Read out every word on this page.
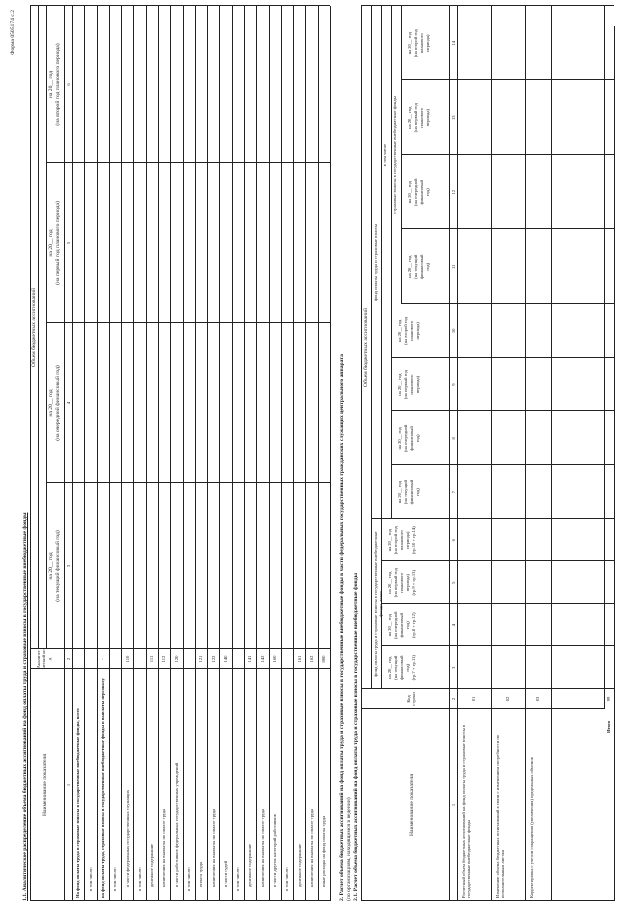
Форма 0505174 с.2
1.1. Аналитическое распределение объема бюджетных ассигнований на фонд оплаты труда и страховые взносы в государственные внебюджетные фонды	Наименование показателя
Аналити-ческий код
Объем бюджетных ассигнований
на 20__ год (на текущий финансовый год)
на 20__ год (на очередной финансовый год)
на 20__ год (на первый год планового периода)
на 20__ год (на второй год планового периода)
1
2
3
4
5
6
На фонд оплаты труда и страховые взносы в государственные внебюджетные фонды, всего в том числе: на фонд оплаты труда, страховые взносы в государственные внебюджетные фонды и выплаты персоналу
-
в том числе: в части федеральных государственных служащих
110
в том числе: денежное содержание
111
начисления на выплаты по оплате труда
112
в части работников федеральных государственных учреждений
120
в том числе: оплата труда
121
начисления на выплаты по оплате труда
122
в части судей
140
в том числе: денежное содержание
141
начисления на выплаты по оплате труда
142
в части других категорий работников
160
в том числе: денежное содержание
161
начисления на выплаты по оплате труда
162
иные расходы на фонд оплаты труда
800 2. Расчет объема бюджетных ассигнований на фонд оплаты труда и страховые взносы в государственные внебюджетные фонды в части федеральных государственных гражданских служащих центрального аппарата (по организациям, находящимся в ведении) 2.1. Расчет объема бюджетных ассигнований на фонд оплаты труда и страховые взносы в государственные внебюджетные фонды	Наименование показателя
Код строки
Объем бюджетных ассигнований
фонд оплаты труда и страховые взносы в государственные внебюджетные фонды, всего
фонд оплаты труда и страховые взносы
в том числе страховые взносы в государственные внебюджетные фонды
на 20__ год (на текущий финансовый год) (гр.7 + гр.11)
на 20__ год (на очередной финансовый год) (гр.8 + гр.12)
на 20__ год (на первый год планового периода) (гр.9 + гр.13)
на 20__ год (на второй год планового периода) (гр.10 + гр.14)
на 20__ год (на текущий финансовый год)
на 20__ год (на очередной финансовый год)
на 20__ год (на первый год планового периода)
на 20__ год (на второй год планового периода)
на 20__ год (на текущий финансовый год)
на 20__ год (на очередной финансовый год)
на 20__ год (на первый год планового периода)
на 20__ год (на второй год планового периода)
1
2
3
4
5
6
7
8
9
10
11
12
13
14
Расчетный объем бюджетных ассигнований на фонд оплаты труда и страховые взносы в государственные внебюджетные фонды
01
Изменение объема бюджетных ассигнований в связи с изменением потребности по исполнительным листам
02
Корректировка с учетом сокращения (увеличения) предельных объемов
03
Итого
99
